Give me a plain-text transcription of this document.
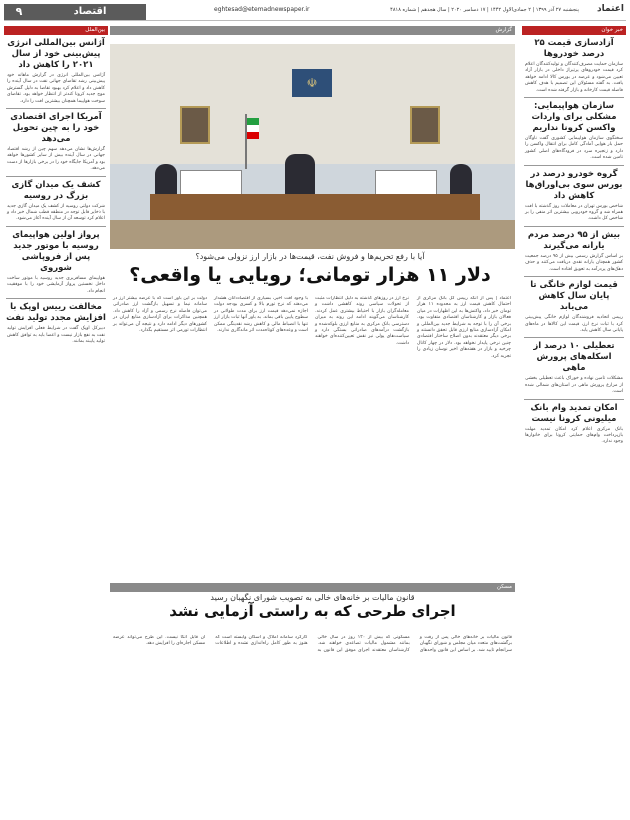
۹	اقتصاد	eghtesad@etemadnewspaper.ir	پنجشنبه ۲۷ آذر ۱۳۹۹ | ۲ جمادی‌الاول ۱۴۴۲ | ۱۷ دسامبر ۲۰۲۰ | سال هجدهم | شماره ۴۸۱۸ اعتماد
خبر خوان
آزادسازی قیمت ۲۵ درصد خودروها
سازمان حمایت مصرف‌کنندگان و تولیدکنندگان اعلام کرد قیمت خودروهای پرتیراژ داخلی در بازار آزاد تعیین می‌شود و عرضه در بورس کالا ادامه خواهد یافت. به گفته مسئولان این تصمیم با هدف کاهش فاصله قیمت کارخانه و بازار گرفته شده است.
سازمان هواپیمایی: مشکلی برای واردات واکسن کرونا نداریم
سخنگوی سازمان هواپیمایی کشوری گفت ناوگان حمل بار هوایی آمادگی کامل برای انتقال واکسن را دارد و زنجیره سرد در فرودگاه‌های اصلی کشور تامین شده است.
گروه خودرو درصد در بورس سوی بی‌اوراق‌ها کاهش داد
شاخص بورس تهران در معاملات روز گذشته با افت همراه شد و گروه خودرویی بیشترین اثر منفی را بر شاخص کل داشت.
بیش از ۹۵ درصد مردم یارانه می‌گیرند
بر اساس گزارش رسمی بیش از ۹۵ درصد جمعیت کشور همچنان یارانه نقدی دریافت می‌کنند و حذف دهک‌های پردرآمد به تعویق افتاده است.
قیمت لوازم خانگی تا پایان سال کاهش می‌یابد
رییس اتحادیه فروشندگان لوازم خانگی پیش‌بینی کرد با ثبات نرخ ارز، قیمت این کالاها در ماه‌های پایانی سال کاهش یابد.
تعطیلی ۱۰ درصد از اسکله‌های پرورش ماهی
مشکلات تامین نهاده و خوراک باعث تعطیلی بخشی از مزارع پرورش ماهی در استان‌های شمالی شده است.
امکان تمدید وام بانک میلیونی کرونا نیست
بانک مرکزی اعلام کرد امکان تمدید مهلت بازپرداخت وام‌های حمایتی کرونا برای خانوارها وجود ندارد.
گزارش
☫
آیا با رفع تحریم‌ها و فروش نفت، قیمت‌ها در بازار ارز نزولی می‌شود؟
دلار ۱۱ هزار تومانی؛ رویایی یا واقعی؟
اعتماد | پس از آنکه رییس کل بانک مرکزی از احتمال کاهش قیمت ارز به محدوده ۱۱ هزار تومان خبر داد، واکنش‌ها به این اظهارات در میان فعالان بازار و کارشناسان اقتصادی متفاوت بود. برخی آن را با توجه به شرایط جدید بین‌المللی و امکان آزادسازی منابع ارزی قابل تحقق دانستند و برخی دیگر معتقدند بدون اصلاح ساختار اقتصادی چنین نرخی پایدار نخواهد بود. دلار در چهار کانال چرخید و بازار در هفته‌های اخیر نوسان زیادی را تجربه کرد.
نرخ ارز در روزهای گذشته به دلیل انتظارات مثبت از تحولات سیاسی روند کاهشی داشت و معامله‌گران بازار با احتیاط بیشتری عمل کردند. کارشناسان می‌گویند ادامه این روند به میزان دسترسی بانک مرکزی به منابع ارزی بلوکه‌شده و بازگشت درآمدهای صادراتی بستگی دارد و سیاست‌های پولی نیز نقش تعیین‌کننده‌ای خواهند داشت.
با وجود افت اخیر، بسیاری از اقتصاددانان هشدار می‌دهند که نرخ تورم بالا و کسری بودجه دولت اجازه نمی‌دهد قیمت ارز برای مدت طولانی در سطوح پایین باقی بماند. به باور آنها ثبات بازار ارز تنها با انضباط مالی و کاهش رشد نقدینگی ممکن است و وعده‌های کوتاه‌مدت اثر ماندگاری ندارند.
دولت بر این باور است که با عرضه بیشتر ارز در سامانه نیما و تسهیل بازگشت ارز صادراتی می‌توان فاصله نرخ رسمی و آزاد را کاهش داد. همچنین مذاکرات برای آزادسازی منابع ایران در کشورهای دیگر ادامه دارد و نتیجه آن می‌تواند بر انتظارات تورمی اثر مستقیم بگذارد.
مسکن
قانون مالیات بر خانه‌های خالی به تصویب شورای نگهبان رسید
اجرای طرحی که به راستی آزمایی نشد
قانون مالیات بر خانه‌های خالی پس از رفت و برگشت‌های متعدد میان مجلس و شورای نگهبان سرانجام تایید شد. بر اساس این قانون واحدهای مسکونی که بیش از ۱۲۰ روز در سال خالی بمانند مشمول مالیات تصاعدی خواهند شد. کارشناسان معتقدند اجرای موفق این قانون به کارکرد سامانه املاک و اسکان وابسته است که هنوز به طور کامل راه‌اندازی نشده و اطلاعات آن قابل اتکا نیست. این طرح می‌تواند عرضه مسکن اجاره‌ای را افزایش دهد.
بین‌الملل
آژانس بین‌المللی انرژی پیش‌بینی خود از سال ۲۰۲۱ را کاهش داد
آژانس بین‌المللی انرژی در گزارش ماهانه خود پیش‌بینی رشد تقاضای جهانی نفت در سال آینده را کاهش داد و اعلام کرد بهبود تقاضا به دلیل گسترش موج جدید کرونا کندتر از انتظار خواهد بود. تقاضای سوخت هواپیما همچنان بیشترین افت را دارد.
آمریکا اجرای اقتصادی خود را به چین تحویل می‌دهد
گزارش‌ها نشان می‌دهد سهم چین از رشد اقتصاد جهانی در سال آینده بیش از سایر کشورها خواهد بود و آمریکا جایگاه خود را در برخی بازارها از دست می‌دهد.
کشف یک میدان گازی بزرگ در روسیه
شرکت دولتی روسیه از کشف یک میدان گازی جدید با ذخایر قابل توجه در منطقه قطب شمال خبر داد و اعلام کرد توسعه آن از سال آینده آغاز می‌شود.
پرواز اولین هواپیمای روسیه با موتور جدید پس از فروپاشی شوروی
هواپیمای مسافربری جدید روسیه با موتور ساخت داخل نخستین پرواز آزمایشی خود را با موفقیت انجام داد.
مخالفت رییس اوپک با افزایش مجدد تولید نفت
دبیرکل اوپک گفت در شرایط فعلی افزایش تولید نفت به نفع بازار نیست و اعضا باید به توافق کاهش تولید پایبند بمانند.
